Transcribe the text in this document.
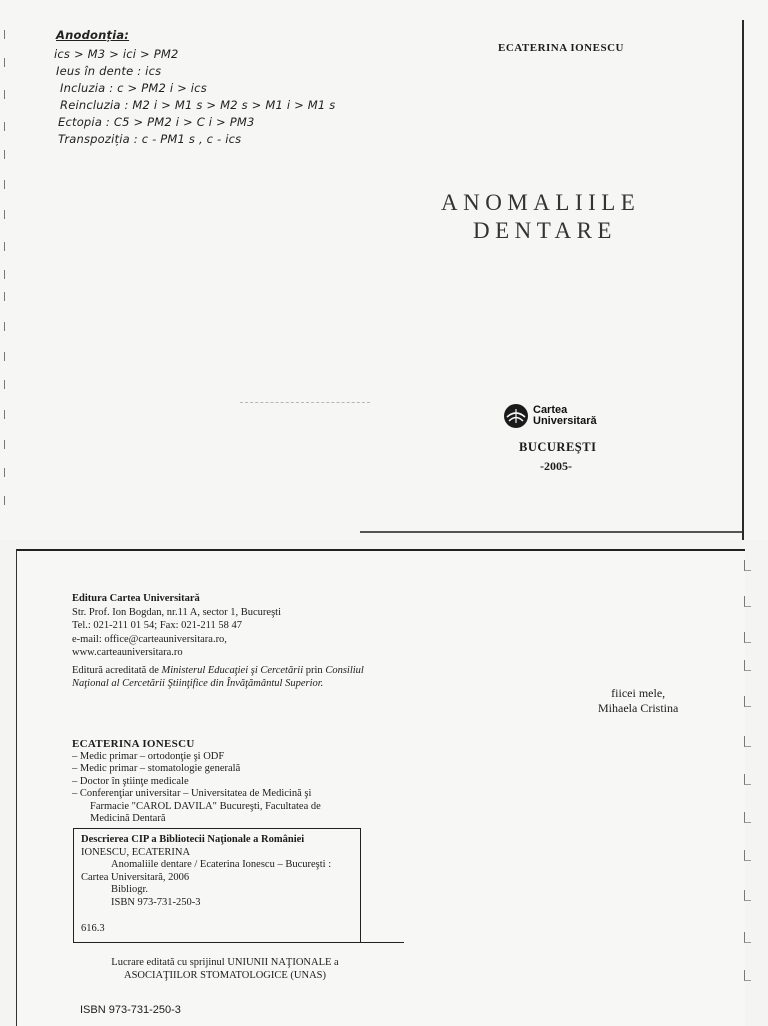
Anodonția:
ics > M3 > ici > PM2
Ieus în dente : ics
Incluzia : c > PM2 i > ics
Reincluzia : M2 i > M1 s > M2 s > M1 i > M1 s
Ectopia : C5 > PM2 i > C i > PM3
Transpoziția : c - PM1 s , c - ics
ECATERINA IONESCU
ANOMALIILE
DENTARE
Cartea
Universitară
BUCUREŞTI
-2005-
Editura Cartea Universitară
Str. Prof. Ion Bogdan, nr.11 A, sector 1, Bucureşti
Tel.: 021-211 01 54; Fax: 021-211 58 47
e-mail: office@carteauniversitara.ro,
www.carteauniversitara.ro
Editură acreditată de Ministerul Educaţiei şi Cercetării prin Consiliul Naţional al Cercetării Ştiinţifice din Învăţământul Superior.
ECATERINA IONESCU
– Medic primar – ortodonţie şi ODF
– Medic primar – stomatologie generală
– Doctor în ştiinţe medicale
– Conferenţiar universitar – Universitatea de Medicină şi
Farmacie "CAROL DAVILA" Bucureşti, Facultatea de
Medicină Dentară
fiicei mele,
Mihaela Cristina
Descrierea CIP a Bibliotecii Naţionale a României
IONESCU, ECATERINA
Anomaliile dentare / Ecaterina Ionescu – Bucureşti :
Cartea Universitară, 2006
Bibliogr.
ISBN 973-731-250-3
616.3
Lucrare editată cu sprijinul UNIUNII NAŢIONALE a
ASOCIAŢIILOR STOMATOLOGICE (UNAS)
ISBN 973-731-250-3
